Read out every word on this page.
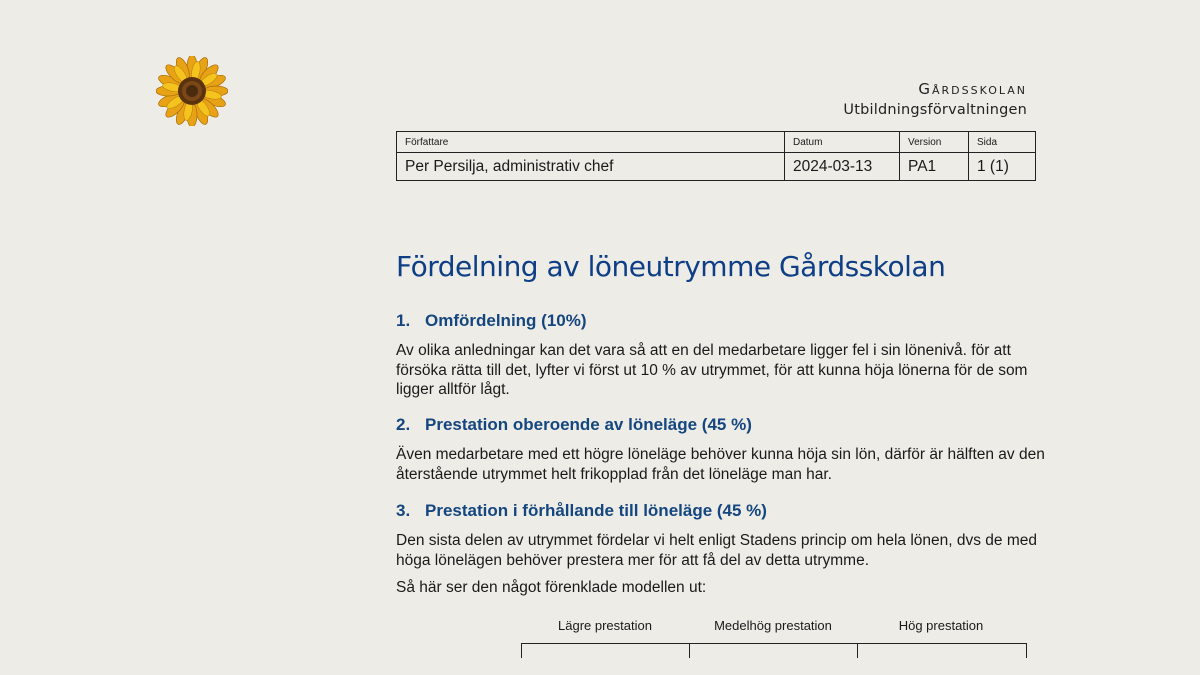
Gårdsskolan
Utbildningsförvaltningen
Författare	Datum	Version	Sida
Per Persilja, administrativ chef	2024-03-13	PA1	1 (1)
Fördelning av löneutrymme Gårdsskolan
1. Omfördelning (10%)

Av olika anledningar kan det vara så att en del medarbetare ligger fel i sin lönenivå. för att försöka rätta till det, lyfter vi först ut 10 % av utrymmet, för att kunna höja lönerna för de som ligger alltför lågt.

2. Prestation oberoende av löneläge (45 %)

Även medarbetare med ett högre löneläge behöver kunna höja sin lön, därför är hälften av den återstående utrymmet helt frikopplad från det löneläge man har.

3. Prestation i förhållande till löneläge (45 %)

Den sista delen av utrymmet fördelar vi helt enligt Stadens princip om hela lönen, dvs de med höga lönelägen behöver prestera mer för att få del av detta utrymme.

Så här ser den något förenklade modellen ut:

Lägre prestation	Medelhög prestation	Hög prestation
